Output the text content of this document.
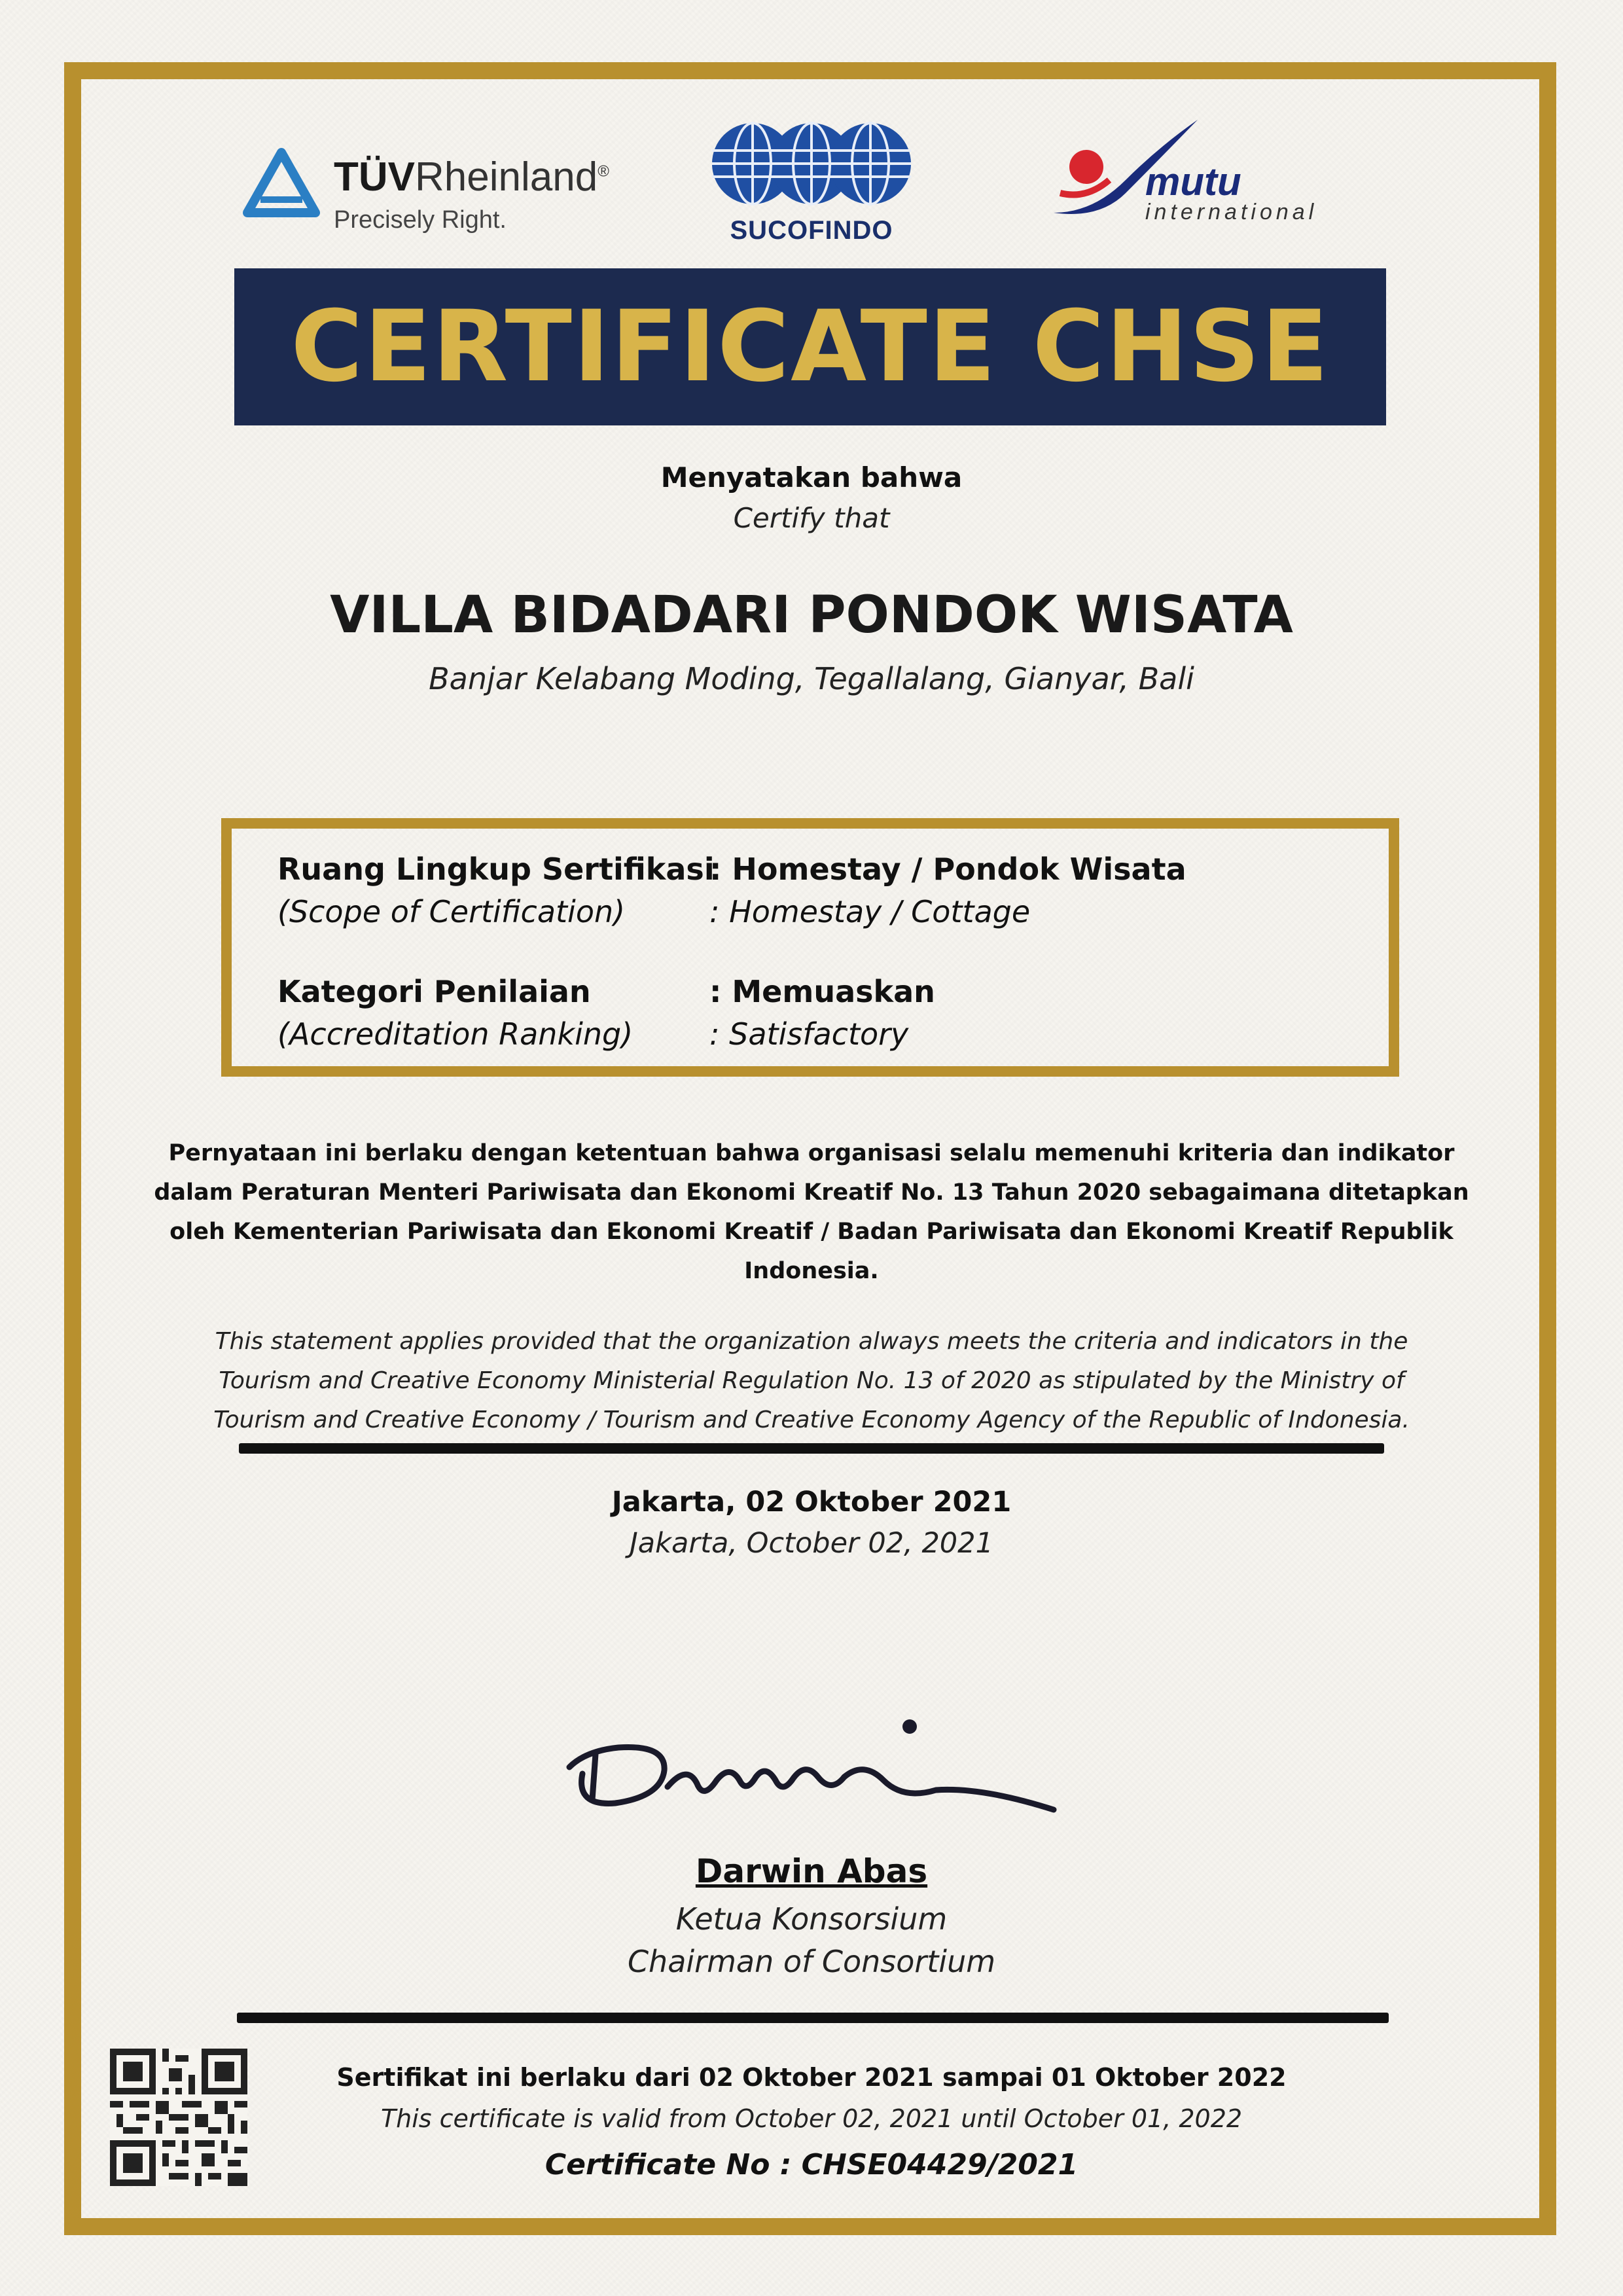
TÜVRheinland®
Precisely Right.	SUCOFINDO
mutu
international
CERTIFICATE CHSE
Menyatakan bahwa
Certify that
VILLA BIDADARI PONDOK WISATA
Banjar Kelabang Moding, Tegallalang, Gianyar, Bali
Ruang Lingkup Sertifikasi
(Scope of Certification)
: Homestay / Pondok Wisata
: Homestay / Cottage
Kategori Penilaian
(Accreditation Ranking)
: Memuaskan
: Satisfactory
Pernyataan ini berlaku dengan ketentuan bahwa organisasi selalu memenuhi kriteria dan indikator
dalam Peraturan Menteri Pariwisata dan Ekonomi Kreatif No. 13 Tahun 2020 sebagaimana ditetapkan
oleh Kementerian Pariwisata dan Ekonomi Kreatif / Badan Pariwisata dan Ekonomi Kreatif Republik
Indonesia.
This statement applies provided that the organization always meets the criteria and indicators in the
Tourism and Creative Economy Ministerial Regulation No. 13 of 2020 as stipulated by the Ministry of
Tourism and Creative Economy / Tourism and Creative Economy Agency of the Republic of Indonesia.
Jakarta, 02 Oktober 2021
Jakarta, October 02, 2021
Darwin Abas
Ketua Konsorsium
Chairman of Consortium
Sertifikat ini berlaku dari 02 Oktober 2021 sampai 01 Oktober 2022
This certificate is valid from October 02, 2021 until October 01, 2022
Certificate No : CHSE04429/2021
